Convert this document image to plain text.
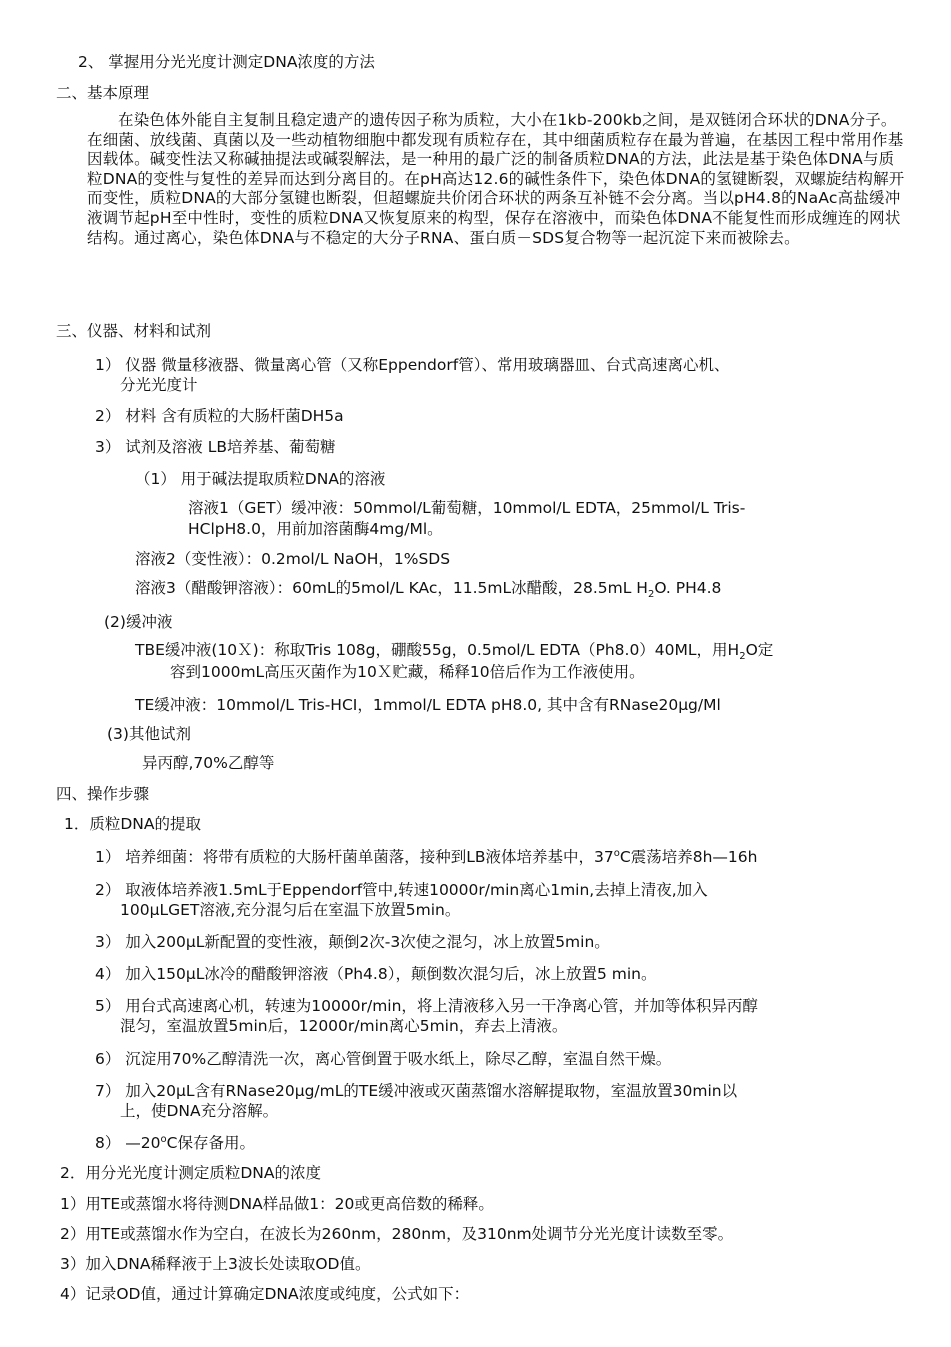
2、 掌握用分光光度计测定DNA浓度的方法
二、基本原理
在染色体外能自主复制且稳定遗产的遗传因子称为质粒，大小在1kb-200kb之间，是双链闭合环状的DNA分子。在细菌、放线菌、真菌以及一些动植物细胞中都发现有质粒存在，其中细菌质粒存在最为普遍，在基因工程中常用作基因载体。碱变性法又称碱抽提法或碱裂解法，是一种用的最广泛的制备质粒DNA的方法，此法是基于染色体DNA与质粒DNA的变性与复性的差异而达到分离目的。在pH高达12.6的碱性条件下，染色体DNA的氢键断裂，双螺旋结构解开而变性，质粒DNA的大部分氢键也断裂，但超螺旋共价闭合环状的两条互补链不会分离。当以pH4.8的NaAc高盐缓冲液调节起pH至中性时，变性的质粒DNA又恢复原来的构型，保存在溶液中，而染色体DNA不能复性而形成缠连的网状结构。通过离心，染色体DNA与不稳定的大分子RNA、蛋白质－SDS复合物等一起沉淀下来而被除去。
三、仪器、材料和试剂
1） 仪器 微量移液器、微量离心管（又称Eppendorf管）、常用玻璃器皿、台式高速离心机、
分光光度计
2） 材料 含有质粒的大肠杆菌DH5a
3） 试剂及溶液 LB培养基、葡萄糖
（1） 用于碱法提取质粒DNA的溶液
溶液1（GET）缓冲液：50mmol/L葡萄糖，10mmol/L EDTA，25mmol/L Tris-
HClpH8.0，用前加溶菌酶4mg/Ml。
溶液2（变性液）：0.2mol/L NaOH，1%SDS
溶液3（醋酸钾溶液）：60mL的5mol/L KAc，11.5mL冰醋酸，28.5mL $H_2O$. PH4.8
(2)缓冲液
TBE缓冲液(10Ｘ)：称取Tris 108g，硼酸55g，0.5mol/L EDTA（Ph8.0）40ML，用$H_2O$定
容到1000mL高压灭菌作为10Ｘ贮藏，稀释10倍后作为工作液使用。
TE缓冲液：10mmol/L Tris-HCI，1mmol/L EDTA pH8.0, 其中含有RNase20μg/Ml
(3)其他试剂
异丙醇,70%乙醇等
四、操作步骤
1．质粒DNA的提取
1） 培养细菌：将带有质粒的大肠杆菌单菌落，接种到LB液体培养基中，37$^o$C震荡培养8h—16h
2） 取液体培养液1.5mL于Eppendorf管中,转速10000r/min离心1min,去掉上清夜,加入
100μLGET溶液,充分混匀后在室温下放置5min。
3） 加入200μL新配置的变性液，颠倒2次-3次使之混匀，冰上放置5min。
4） 加入150μL冰冷的醋酸钾溶液（Ph4.8），颠倒数次混匀后，冰上放置5 min。
5） 用台式高速离心机，转速为10000r/min，将上清液移入另一干净离心管，并加等体积异丙醇
混匀，室温放置5min后，12000r/min离心5min，弃去上清液。
6） 沉淀用70%乙醇清洗一次，离心管倒置于吸水纸上，除尽乙醇，室温自然干燥。
7） 加入20μL含有RNase20μg/mL的TE缓冲液或灭菌蒸馏水溶解提取物，室温放置30min以
上，使DNA充分溶解。
8） —20$^o$C保存备用。
2．用分光光度计测定质粒DNA的浓度
1）用TE或蒸馏水将待测DNA样品做1：20或更高倍数的稀释。
2）用TE或蒸馏水作为空白，在波长为260nm，280nm，及310nm处调节分光光度计读数至零。
3）加入DNA稀释液于上3波长处读取OD值。
4）记录OD值，通过计算确定DNA浓度或纯度，公式如下：
